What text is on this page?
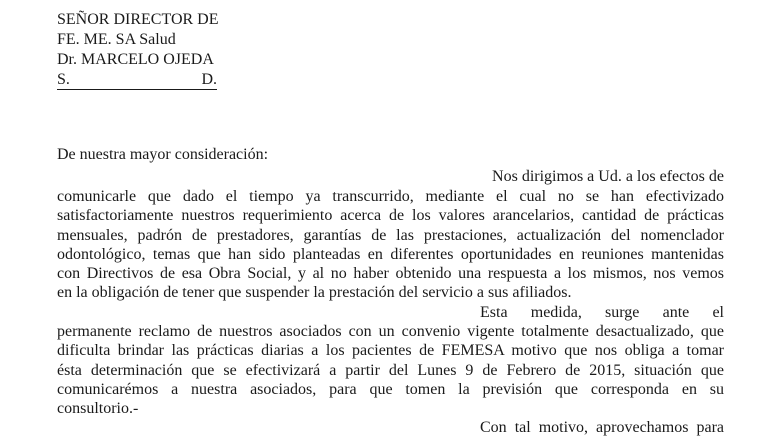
SEÑOR DIRECTOR DE
FE. ME. SA Salud
Dr. MARCELO OJEDA
S.	D.
De nuestra mayor consideración:
Nos dirigimos a Ud. a los efectos de
comunicarle que dado el tiempo ya transcurrido, mediante el cual no se han efectivizado
satisfactoriamente nuestros requerimiento acerca de los valores arancelarios, cantidad de prácticas
mensuales, padrón de prestadores, garantías de las prestaciones, actualización del nomenclador
odontológico, temas que han sido planteadas en diferentes oportunidades en reuniones mantenidas
con Directivos de esa Obra Social, y al no haber obtenido una respuesta a los mismos, nos vemos
en la obligación de tener que suspender la prestación del servicio a sus afiliados.
Esta medida, surge ante el
permanente reclamo de nuestros asociados con un convenio vigente totalmente desactualizado, que
dificulta brindar las prácticas diarias a los pacientes de FEMESA motivo que nos obliga a tomar
ésta determinación que se efectivizará a partir del Lunes 9 de Febrero de 2015, situación que
comunicarémos a nuestra asociados, para que tomen la previsión que corresponda en su
consultorio.-
Con tal motivo, aprovechamos para
